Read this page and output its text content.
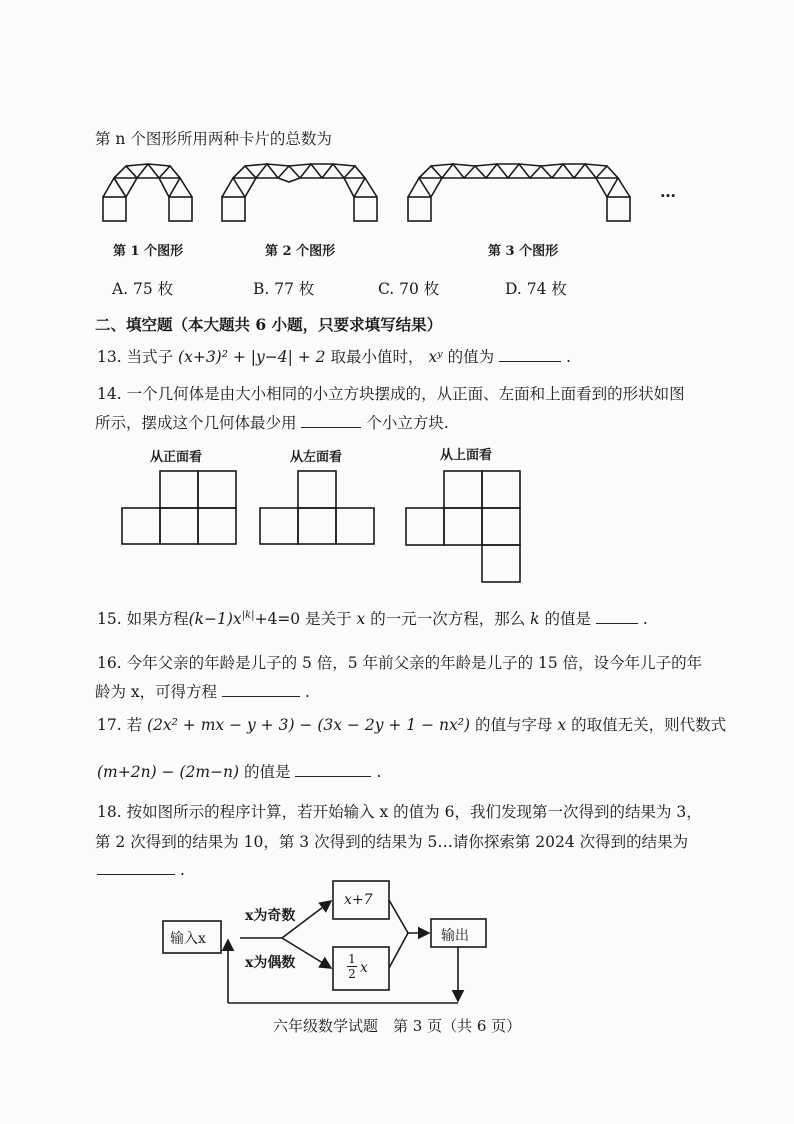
第 n 个图形所用两种卡片的总数为
…
第 1 个图形	第 2 个图形	第 3 个图形
A. 75 枚	B. 77 枚	C. 70 枚	D. 74 枚
二、填空题（本大题共 6 小题，只要求填写结果）
13. 当式子 (x+3)² + |y−4| + 2 取最小值时， xʸ 的值为	.
14. 一个几何体是由大小相同的小立方块摆成的，从正面、左面和上面看到的形状如图
所示，摆成这个几何体最少用	个小立方块.
从正面看	从左面看	从上面看
15. 如果方程$(k-1)x^{|k|}+4=0$ 是关于 x 的一元一次方程，那么 k 的值是	.
16. 今年父亲的年龄是儿子的 5 倍，5 年前父亲的年龄是儿子的 15 倍，设今年儿子的年
龄为 x，可得方程	.
17. 若 (2x² + mx − y + 3) − (3x − 2y + 1 − nx²) 的值与字母 x 的取值无关，则代数式
(m+2n) − (2m−n) 的值是	.
18. 按如图所示的程序计算，若开始输入 x 的值为 6，我们发现第一次得到的结果为 3，
第 2 次得到的结果为 10，第 3 次得到的结果为 5…请你探索第 2024 次得到的结果为
.
输入x
x为奇数
x为偶数
x+7
$\frac{1}{2}$ x
输出
六年级数学试题　第 3 页（共 6 页）
